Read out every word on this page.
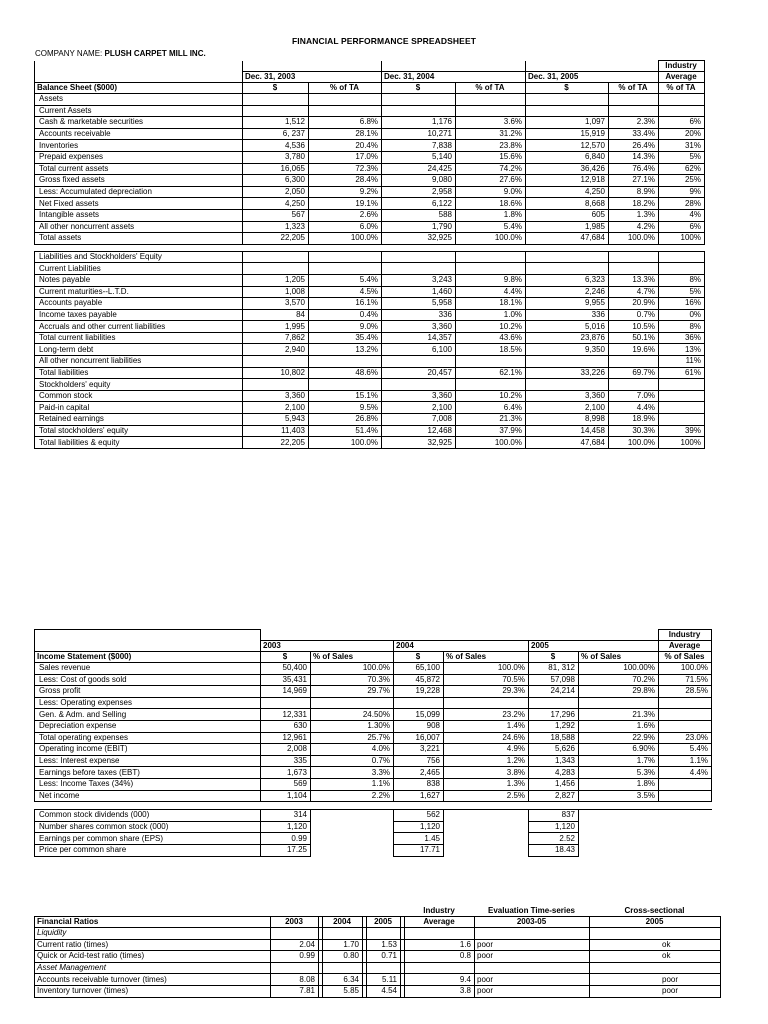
FINANCIAL PERFORMANCE SPREADSHEET
COMPANY NAME: PLUSH CARPET MILL INC.
							Industry
	Dec. 31, 2003		Dec. 31, 2004		Dec. 31, 2005		Average
Balance Sheet ($000)	$	% of TA	$	% of TA	$	% of TA	% of TA
Assets							
Current Assets							
Cash & marketable securities	1,512	6.8%	1,176	3.6%	1,097	2.3%	6%
Accounts receivable	6, 237	28.1%	10,271	31.2%	15,919	33.4%	20%
Inventories	4,536	20.4%	7,838	23.8%	12,570	26.4%	31%
Prepaid expenses	3,780	17.0%	5,140	15.6%	6,840	14.3%	5%
Total current assets	16,065	72.3%	24,425	74.2%	36,426	76.4%	62%
Gross fixed assets	6,300	28.4%	9,080	27.6%	12,918	27.1%	25%
Less: Accumulated depreciation	2,050	9.2%	2,958	9.0%	4,250	8.9%	9%
Net Fixed assets	4,250	19.1%	6,122	18.6%	8,668	18.2%	28%
Intangible assets	567	2.6%	588	1.8%	605	1.3%	4%
All other noncurrent assets	1,323	6.0%	1,790	5.4%	1,985	4.2%	6%
Total assets	22,205	100.0%	32,925	100.0%	47,684	100.0%	100%

Liabilities and Stockholders' Equity							
Current Liabilities							
Notes payable	1,205	5.4%	3,243	9.8%	6,323	13.3%	8%
Current maturities--L.T.D.	1,008	4.5%	1,460	4.4%	2,246	4.7%	5%
Accounts payable	3,570	16.1%	5,958	18.1%	9,955	20.9%	16%
Income taxes payable	84	0.4%	336	1.0%	336	0.7%	0%
Accruals and other current liabilities	1,995	9.0%	3,360	10.2%	5,016	10.5%	8%
Total current liabilities	7,862	35.4%	14,357	43.6%	23,876	50.1%	36%
Long-term debt	2,940	13.2%	6,100	18.5%	9,350	19.6%	13%
All other noncurrent liabilities							11%
Total liabilities	10,802	48.6%	20,457	62.1%	33,226	69.7%	61%
Stockholders' equity							
Common stock	3,360	15.1%	3,360	10.2%	3,360	7.0%	
Paid-in capital	2,100	9.5%	2,100	6.4%	2,100	4.4%	
Retained earnings	5,943	26.8%	7,008	21.3%	8,998	18.9%	
Total stockholders' equity	11,403	51.4%	12,468	37.9%	14,458	30.3%	39%
Total liabilities & equity	22,205	100.0%	32,925	100.0%	47,684	100.0%	100%
							Industry
	2003		2004		2005		Average
Income Statement ($000)	$	% of Sales	$	% of Sales	$	% of Sales	% of Sales
Sales revenue	50,400	100.0%	65,100	100.0%	81, 312	100.00%	100.0%
Less: Cost of goods sold	35,431	70.3%	45,872	70.5%	57,098	70.2%	71.5%
Gross profit	14,969	29.7%	19,228	29.3%	24,214	29.8%	28.5%
Less: Operating expenses							
Gen. & Adm. and Selling	12,331	24.50%	15,099	23.2%	17,296	21.3%	
Depreciation expense	630	1.30%	908	1.4%	1,292	1.6%	
Total operating expenses	12,961	25.7%	16,007	24.6%	18,588	22.9%	23.0%
Operating income (EBIT)	2,008	4.0%	3,221	4.9%	5,626	6.90%	5.4%
Less: Interest expense	335	0.7%	756	1.2%	1,343	1.7%	1.1%
Earnings before taxes (EBT)	1,673	3.3%	2,465	3.8%	4,283	5.3%	4.4%
Less: Income Taxes (34%)	569	1.1%	838	1.3%	1,456	1.8%	
Net income	1,104	2.2%	1,627	2.5%	2,827	3.5%	

Common stock dividends (000)	314		562		837		
Number shares common stock (000)	1,120		1,120		1,120		
Earnings per common share (EPS)	0.99		1.45		2.52		
Price per common share	17.25		17.71		18.43		
							Industry	Evaluation Time-series	Cross-sectional
Financial Ratios	2003		2004		2005		Average	2003-05	2005
Liquidity									
Current ratio (times)	2.04		1.70		1.53		1.6	poor	ok
Quick or Acid-test ratio (times)	0.99		0.80		0.71		0.8	poor	ok
Asset Management									
Accounts receivable turnover (times)	8.08		6.34		5.11		9.4	poor	poor
Inventory turnover (times)	7.81		5.85		4.54		3.8	poor	poor
